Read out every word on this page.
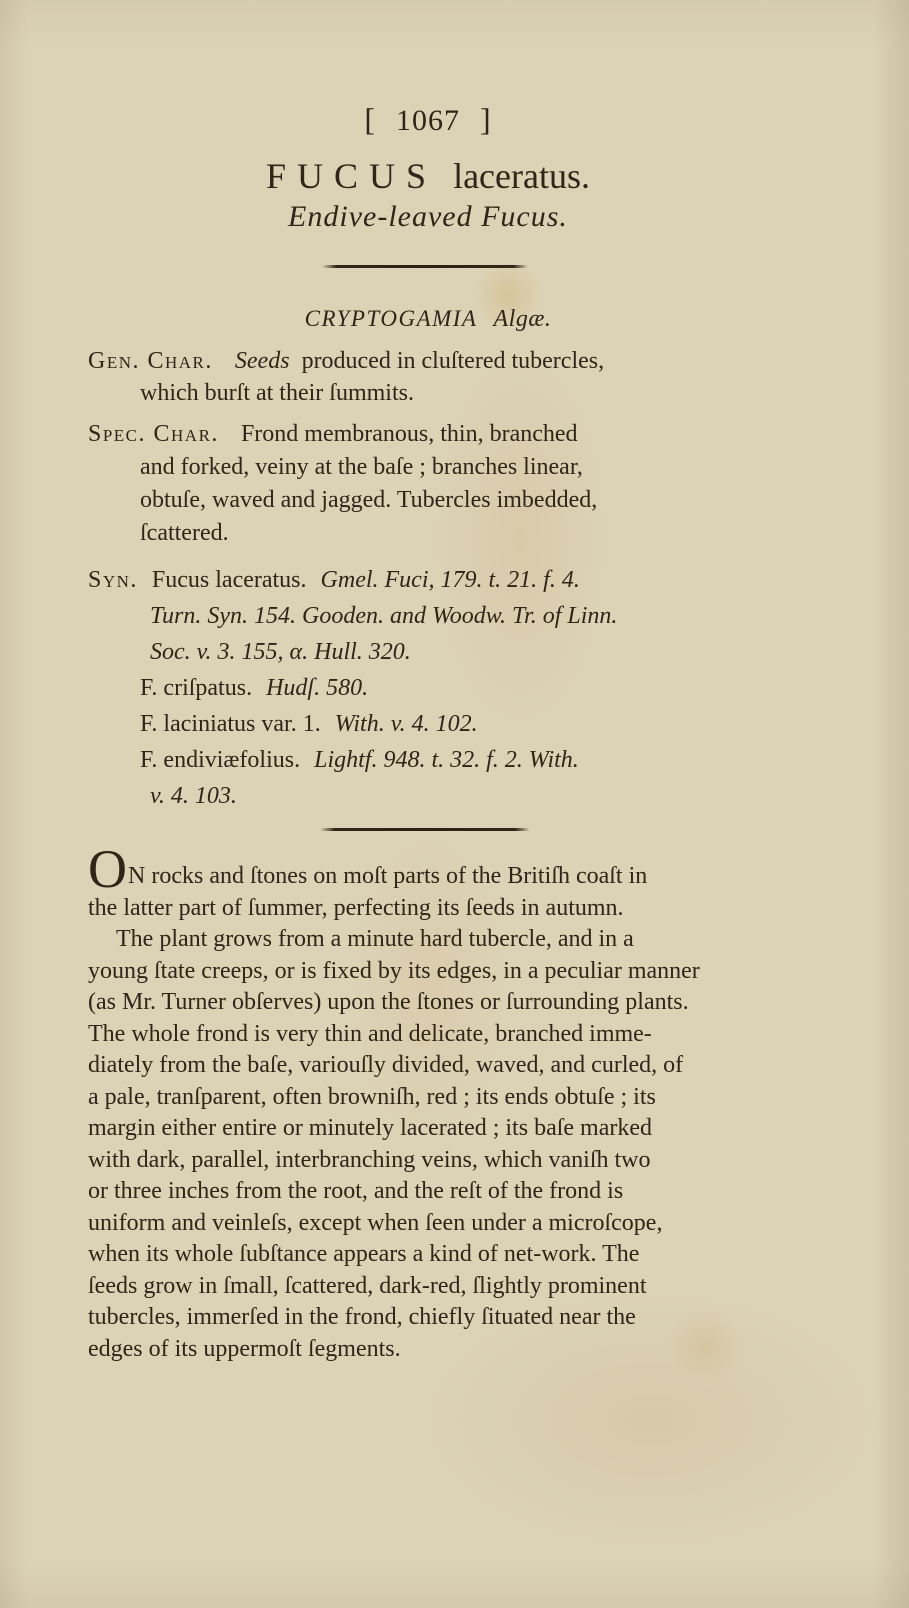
[ 1067 ]
FUCUS laceratus.
Endive-leaved Fucus.
CRYPTOGAMIA Algæ.
Gen. Char. Seeds produced in cluſtered tubercles,
which burſt at their ſummits.
Spec. Char. Frond membranous, thin, branched
and forked, veiny at the baſe ; branches linear,
obtuſe, waved and jagged. Tubercles imbedded,
ſcattered.
Syn. Fucus laceratus. Gmel. Fuci, 179. t. 21. f. 4.
Turn. Syn. 154. Gooden. and Woodw. Tr. of Linn.
Soc. v. 3. 155, α. Hull. 320.
F. criſpatus. Hudſ. 580.
F. laciniatus var. 1. With. v. 4. 102.
F. endiviæfolius. Lightf. 948. t. 32. f. 2. With.
v. 4. 103.
ON rocks and ſtones on moſt parts of the Britiſh coaſt in
the latter part of ſummer, perfecting its ſeeds in autumn.
The plant grows from a minute hard tubercle, and in a
young ſtate creeps, or is fixed by its edges, in a peculiar manner
(as Mr. Turner obſerves) upon the ſtones or ſurrounding plants.
The whole frond is very thin and delicate, branched imme-
diately from the baſe, variouſly divided, waved, and curled, of
a pale, tranſparent, often browniſh, red ; its ends obtuſe ; its
margin either entire or minutely lacerated ; its baſe marked
with dark, parallel, interbranching veins, which vaniſh two
or three inches from the root, and the reſt of the frond is
uniform and veinleſs, except when ſeen under a microſcope,
when its whole ſubſtance appears a kind of net-work. The
ſeeds grow in ſmall, ſcattered, dark-red, ſlightly prominent
tubercles, immerſed in the frond, chiefly ſituated near the
edges of its uppermoſt ſegments.
